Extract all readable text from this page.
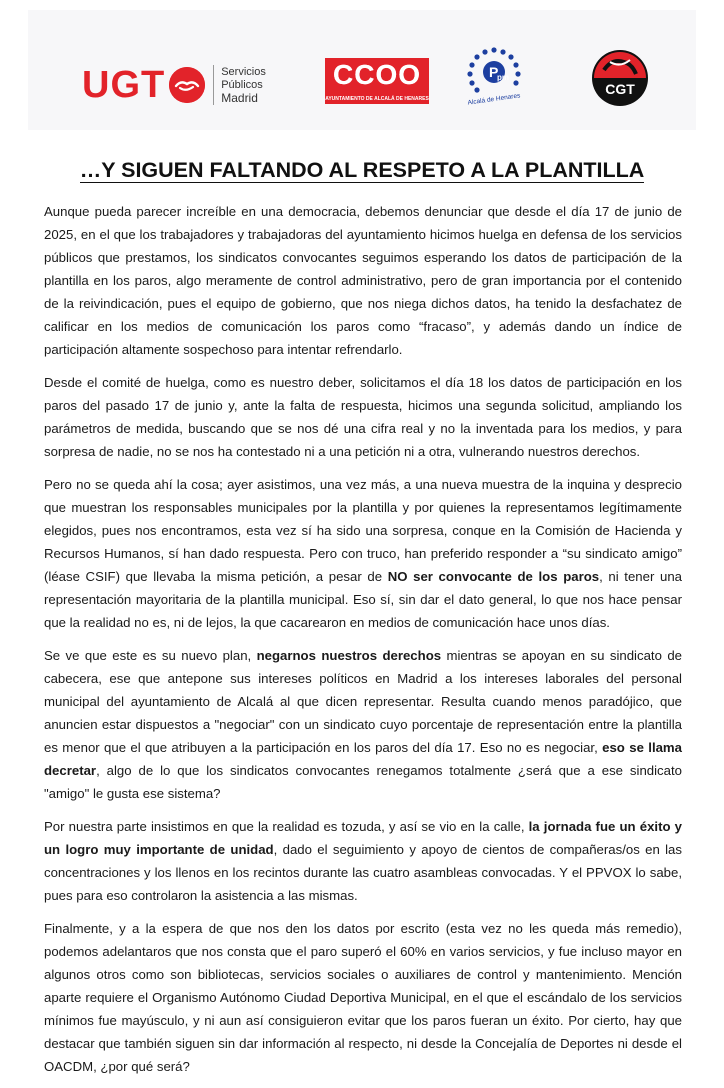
UGT	Servicios
Públicos
Madrid
CCOO
AYUNTAMIENTO DE ALCALÁ DE HENARES
P
pm
Alcalá de Henares
CGT
…Y SIGUEN FALTANDO AL RESPETO A LA PLANTILLA

Aunque pueda parecer increíble en una democracia, debemos denunciar que desde el día 17 de junio de 2025, en el que los trabajadores y trabajadoras del ayuntamiento hicimos huelga en defensa de los servicios públicos que prestamos, los sindicatos convocantes seguimos esperando los datos de participación de la plantilla en los paros, algo meramente de control administrativo, pero de gran importancia por el contenido de la reivindicación, pues el equipo de gobierno, que nos niega dichos datos, ha tenido la desfachatez de calificar en los medios de comunicación los paros como “fracaso”, y además dando un índice de participación altamente sospechoso para intentar refrendarlo.

Desde el comité de huelga, como es nuestro deber, solicitamos el día 18 los datos de participación en los paros del pasado 17 de junio y, ante la falta de respuesta, hicimos una segunda solicitud, ampliando los parámetros de medida, buscando que se nos dé una cifra real y no la inventada para los medios, y para sorpresa de nadie, no se nos ha contestado ni a una petición ni a otra, vulnerando nuestros derechos.

Pero no se queda ahí la cosa; ayer asistimos, una vez más, a una nueva muestra de la inquina y desprecio que muestran los responsables municipales por la plantilla y por quienes la representamos legítimamente elegidos, pues nos encontramos, esta vez sí ha sido una sorpresa, conque en la Comisión de Hacienda y Recursos Humanos, sí han dado respuesta. Pero con truco, han preferido responder a “su sindicato amigo” (léase CSIF) que llevaba la misma petición, a pesar de NO ser convocante de los paros, ni tener una representación mayoritaria de la plantilla municipal. Eso sí, sin dar el dato general, lo que nos hace pensar que la realidad no es, ni de lejos, la que cacarearon en medios de comunicación hace unos días.

Se ve que este es su nuevo plan, negarnos nuestros derechos mientras se apoyan en su sindicato de cabecera, ese que antepone sus intereses políticos en Madrid a los intereses laborales del personal municipal del ayuntamiento de Alcalá al que dicen representar. Resulta cuando menos paradójico, que anuncien estar dispuestos a "negociar" con un sindicato cuyo porcentaje de representación entre la plantilla es menor que el que atribuyen a la participación en los paros del día 17. Eso no es negociar, eso se llama decretar, algo de lo que los sindicatos convocantes renegamos totalmente ¿será que a ese sindicato "amigo" le gusta ese sistema?

Por nuestra parte insistimos en que la realidad es tozuda, y así se vio en la calle, la jornada fue un éxito y un logro muy importante de unidad, dado el seguimiento y apoyo de cientos de compañeras/os en las concentraciones y los llenos en los recintos durante las cuatro asambleas convocadas. Y el PPVOX lo sabe, pues para eso controlaron la asistencia a las mismas.

Finalmente, y a la espera de que nos den los datos por escrito (esta vez no les queda más remedio), podemos adelantaros que nos consta que el paro superó el 60% en varios servicios, y fue incluso mayor en algunos otros como son bibliotecas, servicios sociales o auxiliares de control y mantenimiento. Mención aparte requiere el Organismo Autónomo Ciudad Deportiva Municipal, en el que el escándalo de los servicios mínimos fue mayúsculo, y ni aun así consiguieron evitar que los paros fueran un éxito. Por cierto, hay que destacar que también siguen sin dar información al respecto, ni desde la Concejalía de Deportes ni desde el OACDM, ¿por qué será?
